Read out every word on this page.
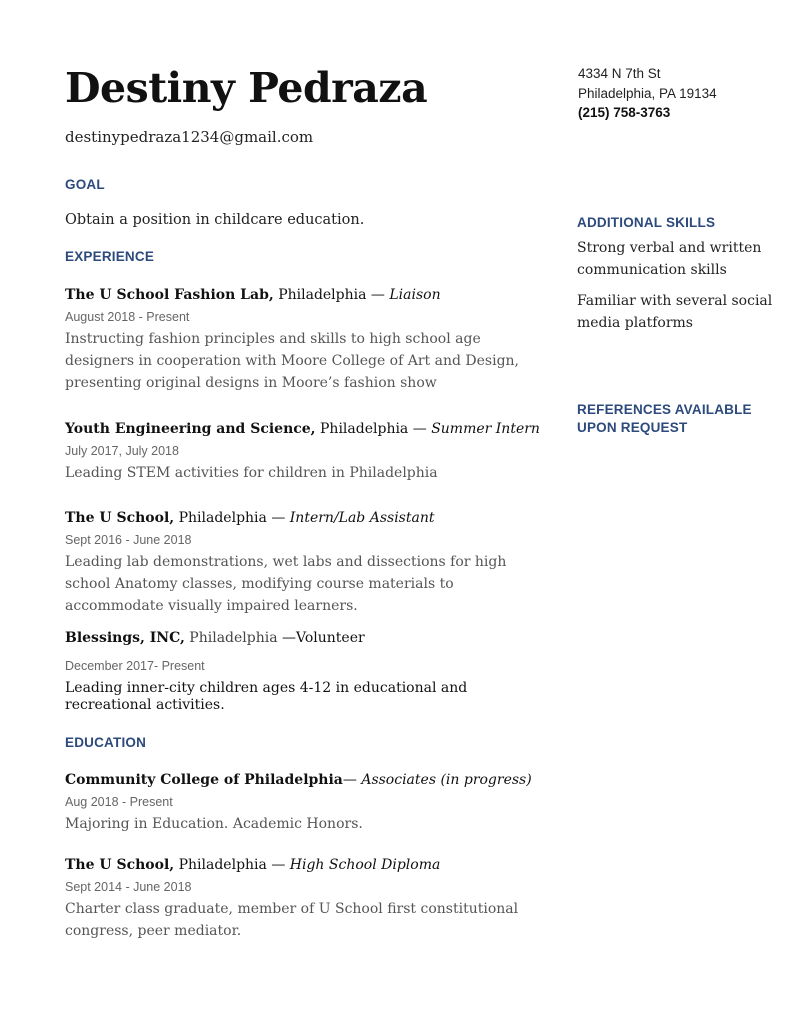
Destiny Pedraza
destinypedraza1234@gmail.com
4334 N 7th St
Philadelphia, PA 19134
(215) 758-3763
GOAL
Obtain a position in childcare education.
EXPERIENCE
The U School Fashion Lab, Philadelphia — Liaison
August 2018 - Present
Instructing fashion principles and skills to high school age designers in cooperation with Moore College of Art and Design, presenting original designs in Moore’s fashion show
Youth Engineering and Science, Philadelphia — Summer Intern
July 2017, July 2018
Leading STEM activities for children in Philadelphia
The U School, Philadelphia — Intern/Lab Assistant
Sept 2016 - June 2018
Leading lab demonstrations, wet labs and dissections for high school Anatomy classes, modifying course materials to accommodate visually impaired learners.
Blessings, INC, Philadelphia —Volunteer
December 2017- Present
Leading inner-city children ages 4-12 in educational and recreational activities.
EDUCATION
Community College of Philadelphia— Associates (in progress)
Aug 2018 - Present
Majoring in Education. Academic Honors.
The U School, Philadelphia — High School Diploma
Sept 2014 - June 2018
Charter class graduate, member of U School first constitutional congress, peer mediator.
ADDITIONAL SKILLS
Strong verbal and written communication skills
Familiar with several social media platforms
REFERENCES AVAILABLE UPON REQUEST
